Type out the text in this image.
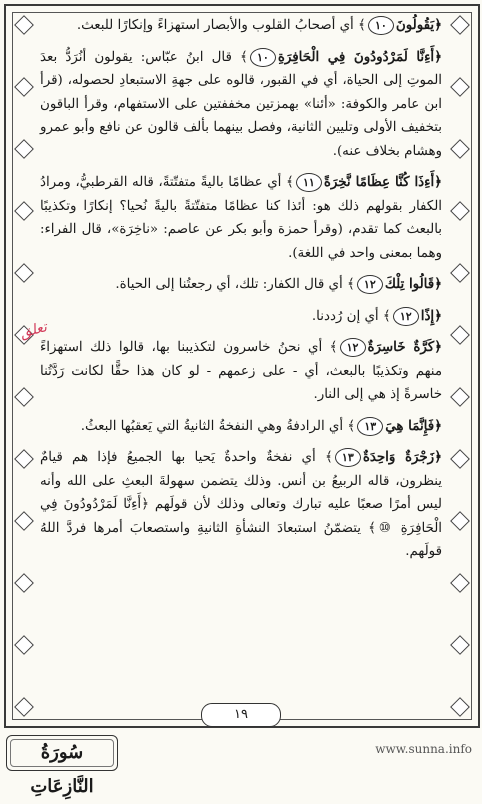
﴿يَقُولُونَ١٠﴾ أي أصحابُ القلوب والأبصار استهزاءً وإنكارًا للبعث.

﴿أَءِنَّا لَمَرْدُودُونَ فِي الْحَافِرَةِ١٠﴾ قال ابنُ عبّاس: يقولون أنُرَدُّ بعدَ الموتِ إلى الحياة، أي في القبور، قالوه على جهةِ الاستبعادِ لحصوله، (قرأ ابن عامر والكوفة: «أئنا» بهمزتين مخففتين على الاستفهام، وقرأ الباقون بتخفيف الأولى وتليين الثانية، وفصل بينهما بألف قالون عن نافع وأبو عمرو وهشام بخلاف عنه).

﴿أَءِذَا كُنَّا عِظَامًا نَّخِرَةً١١﴾ أي عظامًا باليةً متفتّتةً، قاله القرطبيُّ، ومرادُ الكفار بقولهم ذلك هو: أئذا كنا عظامًا متفتّتةً باليةً نُحيا؟ إنكارًا وتكذيبًا بالبعث كما تقدم، (وقرأ حمزة وأبو بكر عن عاصم: «ناخِرَة»، قال الفراء: وهما بمعنى واحد في اللغة).

﴿قَالُوا تِلْكَ١٢﴾ أي قال الكفار: تلك، أي رجعتُنا إلى الحياة.

﴿إِذًا١٢﴾ أي إن رُددنا.

﴿كَرَّةٌ خَاسِرَةٌ١٢﴾ أي نحنُ خاسرون لتكذيبنا بها، قالوا ذلك استهزاءً منهم وتكذيبًا بالبعث، أي - على زعمهم - لو كان هذا حقًّا لكانت رَدَّتُنا خاسرةً إذ هي إلى النار.

﴿فَإِنَّمَا هِيَ١٣﴾ أي الرادفةُ وهي النفخةُ الثانيةُ التي يَعقبُها البعثُ.

﴿زَجْرَةٌ وَاحِدَةٌ١٣﴾ أي نفخةٌ واحدةٌ يَحيا بها الجميعُ فإذا هم قيامٌ ينظرون، قاله الربيعُ بن أنس. وذلك يتضمن سهولةَ البعثِ على الله وأنه ليس أمرًا صعبًا عليه تبارك وتعالى وذلك لأن قولَهم ﴿أَءِنَّا لَمَرْدُودُونَ فِي الْحَافِرَةِ ⑩﴾ يتضمّنُ استبعادَ النشأةِ الثانيةِ واستصعابَ أمرها فردَّ اللهُ قولَهم.

تعلق
١٩
سُورَةُ النَّازِعَاتِ
www.sunna.info
